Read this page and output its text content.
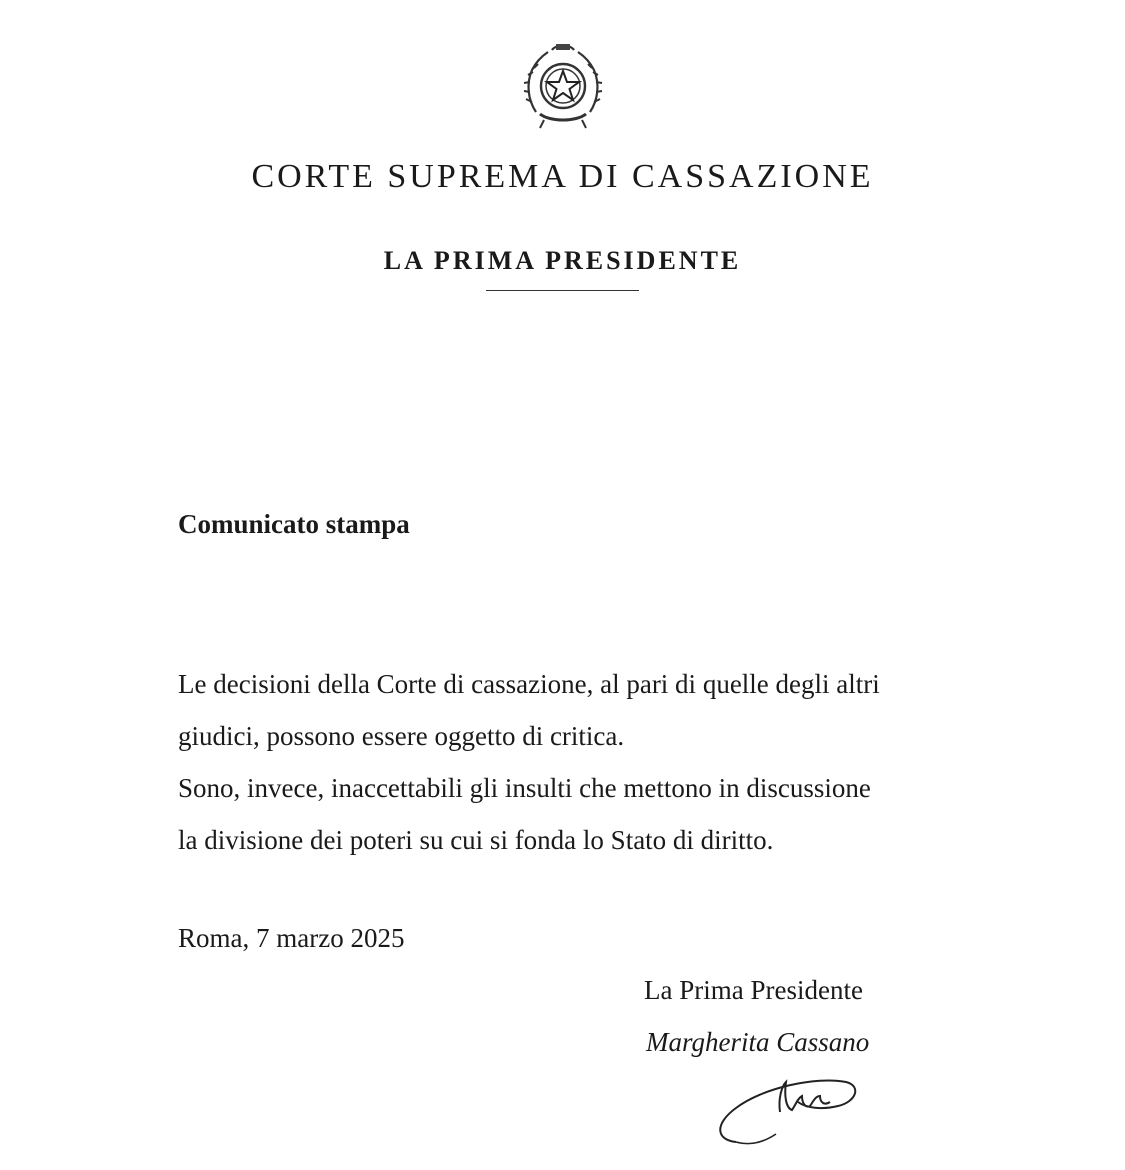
CORTE SUPREMA DI CASSAZIONE
LA PRIMA PRESIDENTE

Comunicato stampa

Le decisioni della Corte di cassazione, al pari di quelle degli altri
giudici, possono essere oggetto di critica.
Sono, invece, inaccettabili gli insulti che mettono in discussione
la divisione dei poteri su cui si fonda lo Stato di diritto.

Roma, 7 marzo 2025

La Prima Presidente

Margherita Cassano
